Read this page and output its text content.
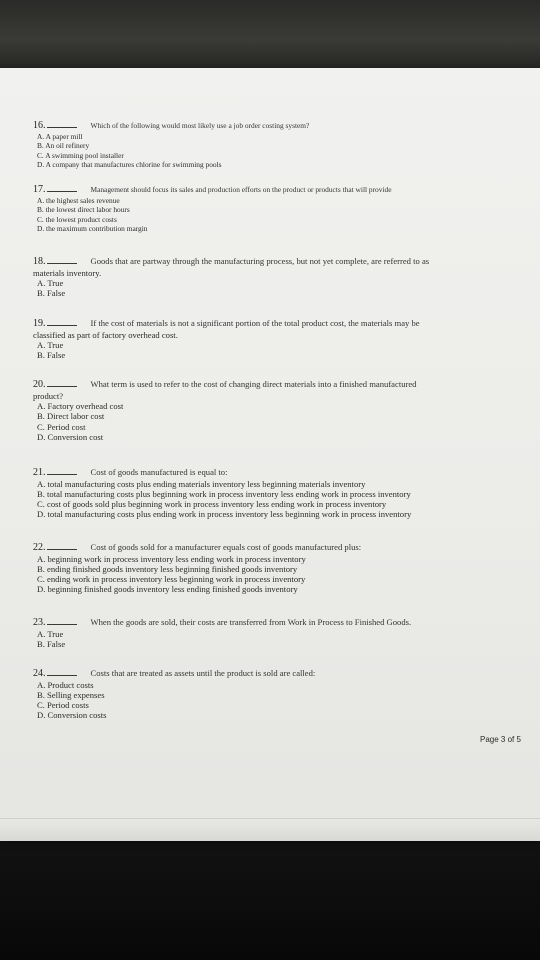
16.	Which of the following would most likely use a job order costing system?
A. A paper mill
B. An oil refinery
C. A swimming pool installer
D. A company that manufactures chlorine for swimming pools
17.	Management should focus its sales and production efforts on the product or products that will provide
A. the highest sales revenue
B. the lowest direct labor hours
C. the lowest product costs
D. the maximum contribution margin
18.	Goods that are partway through the manufacturing process, but not yet complete, are referred to as
materials inventory.
A. True
B. False
19.	If the cost of materials is not a significant portion of the total product cost, the materials may be
classified as part of factory overhead cost.
A. True
B. False
20.	What term is used to refer to the cost of changing direct materials into a finished manufactured
product?
A. Factory overhead cost
B. Direct labor cost
C. Period cost
D. Conversion cost
21.	Cost of goods manufactured is equal to:
A. total manufacturing costs plus ending materials inventory less beginning materials inventory
B. total manufacturing costs plus beginning work in process inventory less ending work in process inventory
C. cost of goods sold plus beginning work in process inventory less ending work in process inventory
D. total manufacturing costs plus ending work in process inventory less beginning work in process inventory
22.	Cost of goods sold for a manufacturer equals cost of goods manufactured plus:
A. beginning work in process inventory less ending work in process inventory
B. ending finished goods inventory less beginning finished goods inventory
C. ending work in process inventory less beginning work in process inventory
D. beginning finished goods inventory less ending finished goods inventory
23.	When the goods are sold, their costs are transferred from Work in Process to Finished Goods.
A. True
B. False
24.	Costs that are treated as assets until the product is sold are called:
A. Product costs
B. Selling expenses
C. Period costs
D. Conversion costs
Page 3 of 5
